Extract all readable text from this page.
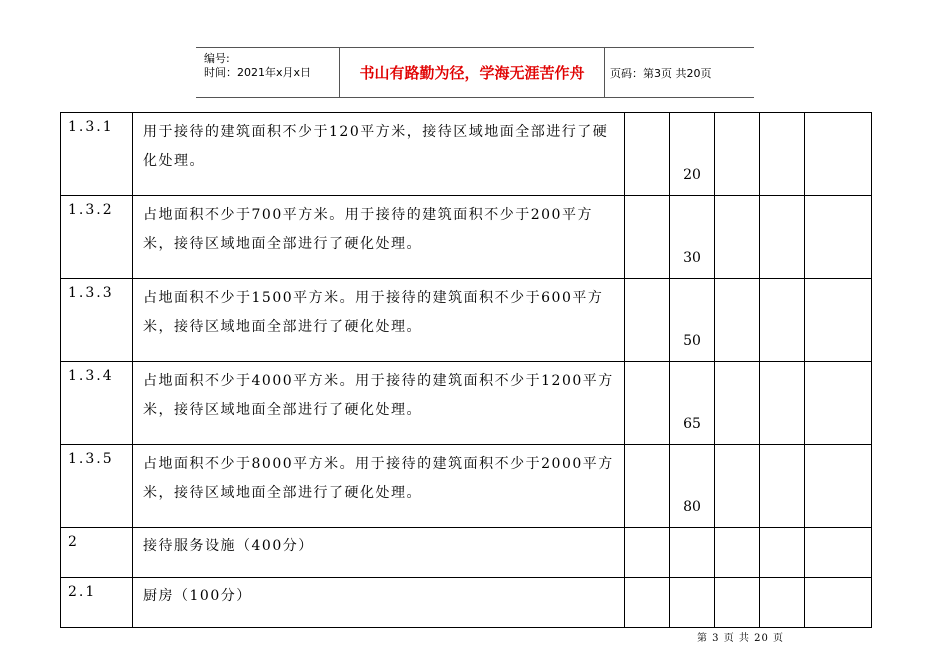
编号:
时间：2021年x月x日	书山有路勤为径，学海无涯苦作舟	页码：第3页 共20页
1.3.1	用于接待的建筑面积不少于120平方米，接待区域地面全部进行了硬化处理。		20			
1.3.2	占地面积不少于700平方米。用于接待的建筑面积不少于200平方米，接待区域地面全部进行了硬化处理。		30			
1.3.3	占地面积不少于1500平方米。用于接待的建筑面积不少于600平方米，接待区域地面全部进行了硬化处理。		50			
1.3.4	占地面积不少于4000平方米。用于接待的建筑面积不少于1200平方米，接待区域地面全部进行了硬化处理。		65			
1.3.5	占地面积不少于8000平方米。用于接待的建筑面积不少于2000平方米，接待区域地面全部进行了硬化处理。		80			
2	接待服务设施（400分）					
2.1	厨房（100分）					
第 3 页 共 20 页
